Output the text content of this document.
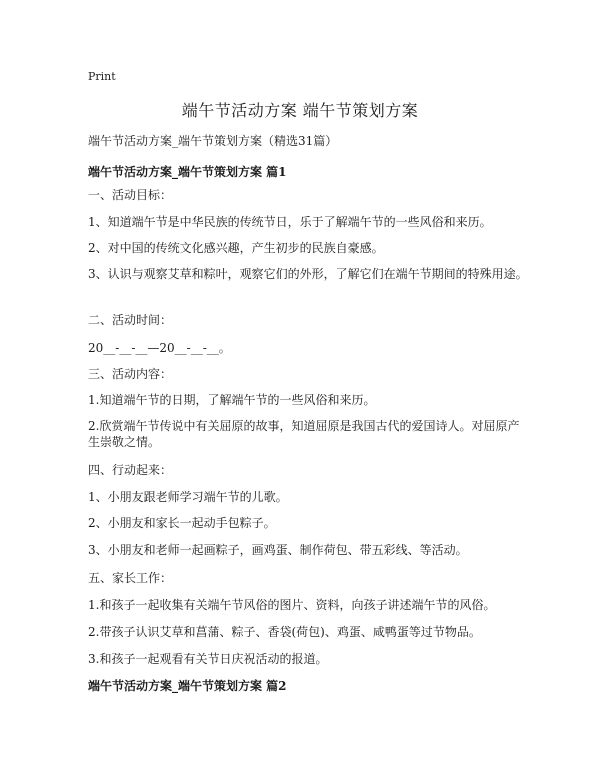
Print
端午节活动方案 端午节策划方案
端午节活动方案_端午节策划方案（精选31篇）
端午节活动方案_端午节策划方案 篇1
一、活动目标：
1、知道端午节是中华民族的传统节日，乐于了解端午节的一些风俗和来历。
2、对中国的传统文化感兴趣，产生初步的民族自豪感。
3、认识与观察艾草和粽叶，观察它们的外形，了解它们在端午节期间的特殊用途。
二、活动时间：
20__-__-__—20__-__-__。
三、活动内容：
1.知道端午节的日期，了解端午节的一些风俗和来历。
2.欣赏端午节传说中有关屈原的故事，知道屈原是我国古代的爱国诗人。对屈原产生崇敬之情。
四、行动起来：
1、小朋友跟老师学习端午节的儿歌。
2、小朋友和家长一起动手包粽子。
3、小朋友和老师一起画粽子，画鸡蛋、制作荷包、带五彩线、等活动。
五、家长工作：
1.和孩子一起收集有关端午节风俗的图片、资料，向孩子讲述端午节的风俗。
2.带孩子认识艾草和菖蒲、粽子、香袋(荷包)、鸡蛋、咸鸭蛋等过节物品。
3.和孩子一起观看有关节日庆祝活动的报道。
端午节活动方案_端午节策划方案 篇2
